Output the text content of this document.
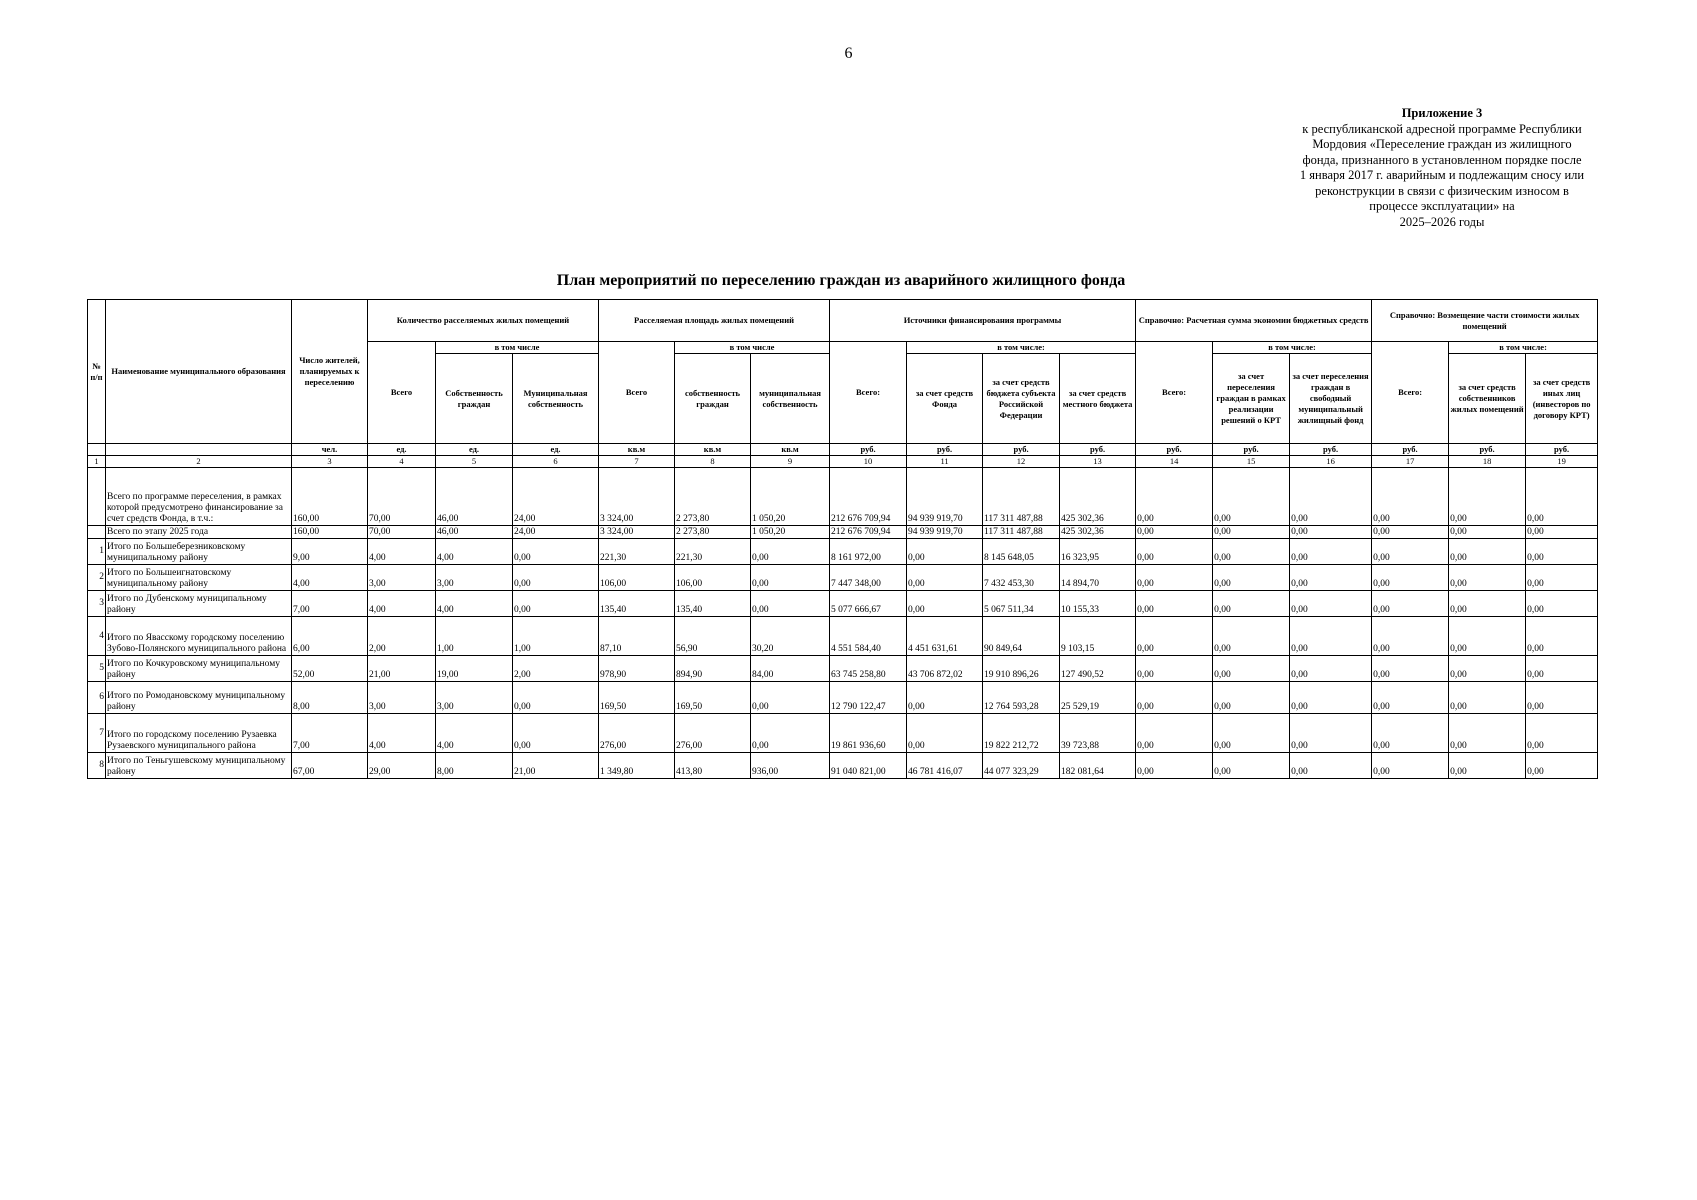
6
Приложение 3
к республиканской адресной программе Республики
Мордовия «Переселение граждан из жилищного
фонда, признанного в установленном порядке после
1 января 2017 г. аварийным и подлежащим сносу или
реконструкции в связи с физическим износом в
процессе эксплуатации» на
2025–2026 годы
План мероприятий по переселению граждан из аварийного жилищного фонда
№ п/п	Наименование муниципального образования	Число жителей, планируемых к переселению	Количество расселяемых жилых помещений			Расселяемая площадь жилых помещений			Источники финансирования программы				Справочно: Расчетная сумма экономии бюджетных средств			Справочно: Возмещение части стоимости жилых помещений		
			Всего	в том числе		Всего	в том числе		Всего:	в том числе:			Всего:	в том числе:		Всего:	в том числе:	
				Собственность граждан	Муниципальная собственность		собственность граждан	муниципальная собственность		за счет средств Фонда	за счет средств бюджета субъекта Российской Федерации	за счет средств местного бюджета		за счет переселения граждан в рамках реализации решений о КРТ	за счет переселения граждан в свободный муниципальный жилищный фонд		за счет средств собственников жилых помещений	за счет средств иных лиц (инвесторов по договору КРТ)
		чел.	ед.	ед.	ед.	кв.м	кв.м	кв.м	руб.	руб.	руб.	руб.	руб.	руб.	руб.	руб.	руб.	руб.
1	2	3	4	5	6	7	8	9	10	11	12	13	14	15	16	17	18	19
	Всего по программе переселения, в рамках которой предусмотрено финансирование за счет средств Фонда, в т.ч.:	160,00	70,00	46,00	24,00	3 324,00	2 273,80	1 050,20	212 676 709,94	94 939 919,70	117 311 487,88	425 302,36	0,00	0,00	0,00	0,00	0,00	0,00
	Всего по этапу 2025 года	160,00	70,00	46,00	24,00	3 324,00	2 273,80	1 050,20	212 676 709,94	94 939 919,70	117 311 487,88	425 302,36	0,00	0,00	0,00	0,00	0,00	0,00
1	Итого по Большеберезниковскому муниципальному району	9,00	4,00	4,00	0,00	221,30	221,30	0,00	8 161 972,00	0,00	8 145 648,05	16 323,95	0,00	0,00	0,00	0,00	0,00	0,00
2	Итого по Большеигнатовскому муниципальному району	4,00	3,00	3,00	0,00	106,00	106,00	0,00	7 447 348,00	0,00	7 432 453,30	14 894,70	0,00	0,00	0,00	0,00	0,00	0,00
3	Итого по Дубенскому муниципальному району	7,00	4,00	4,00	0,00	135,40	135,40	0,00	5 077 666,67	0,00	5 067 511,34	10 155,33	0,00	0,00	0,00	0,00	0,00	0,00
4	Итого по Явасскому городскому поселению Зубово-Полянского муниципального района	6,00	2,00	1,00	1,00	87,10	56,90	30,20	4 551 584,40	4 451 631,61	90 849,64	9 103,15	0,00	0,00	0,00	0,00	0,00	0,00
5	Итого по Кочкуровскому муниципальному району	52,00	21,00	19,00	2,00	978,90	894,90	84,00	63 745 258,80	43 706 872,02	19 910 896,26	127 490,52	0,00	0,00	0,00	0,00	0,00	0,00
6	Итого по Ромодановскому муниципальному району	8,00	3,00	3,00	0,00	169,50	169,50	0,00	12 790 122,47	0,00	12 764 593,28	25 529,19	0,00	0,00	0,00	0,00	0,00	0,00
7	Итого по городскому поселению Рузаевка Рузаевского муниципального района	7,00	4,00	4,00	0,00	276,00	276,00	0,00	19 861 936,60	0,00	19 822 212,72	39 723,88	0,00	0,00	0,00	0,00	0,00	0,00
8	Итого по Теньгушевскому муниципальному району	67,00	29,00	8,00	21,00	1 349,80	413,80	936,00	91 040 821,00	46 781 416,07	44 077 323,29	182 081,64	0,00	0,00	0,00	0,00	0,00	0,00
